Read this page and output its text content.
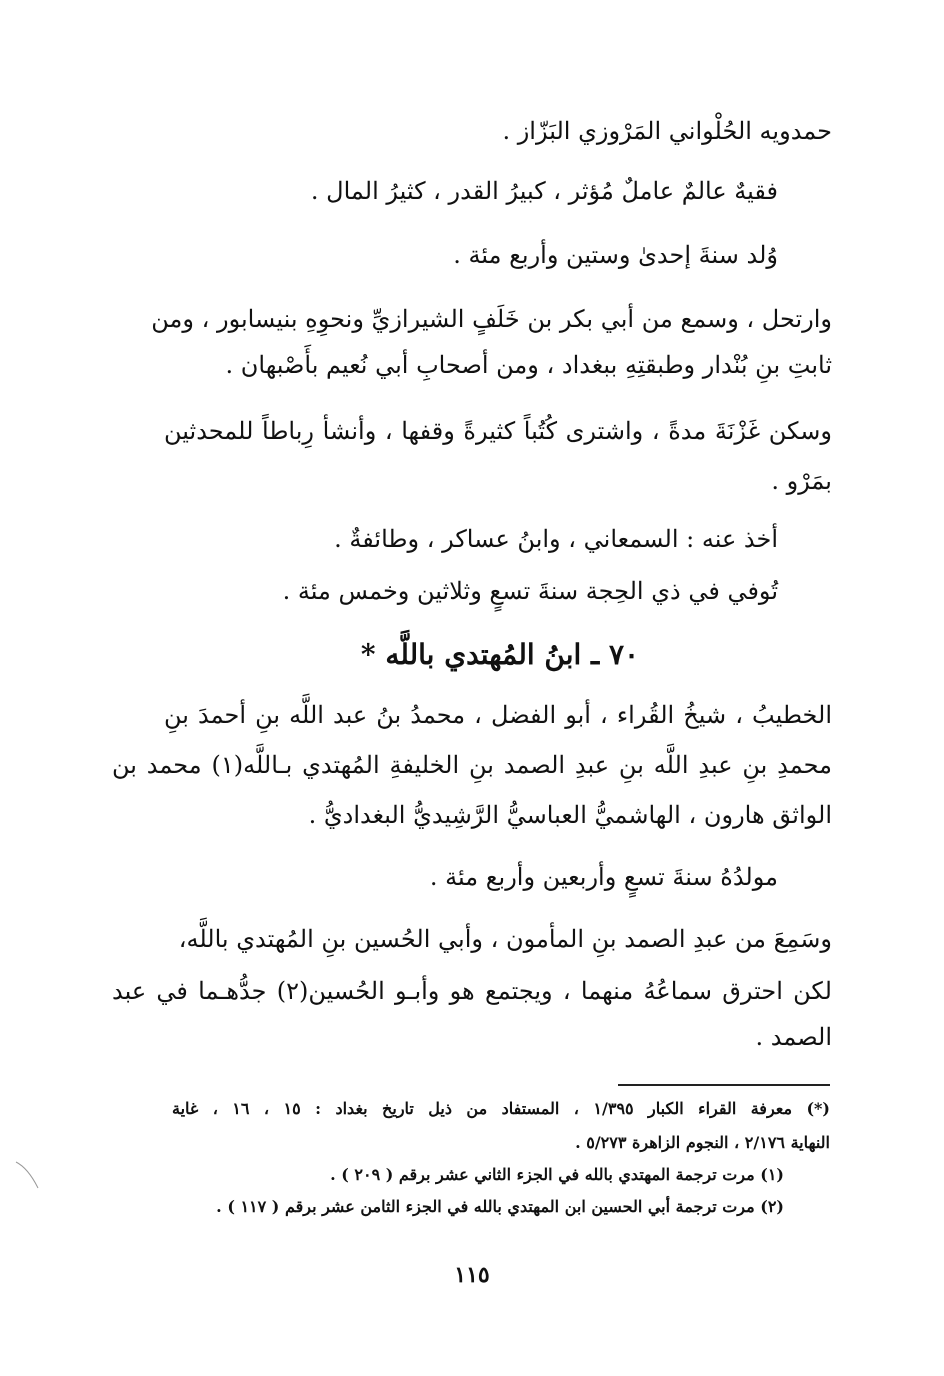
حمدويه الحُلْواني المَرْوزي البَزّاز .
فقيهٌ عالمٌ عاملٌ مُؤثر ، كبيرُ القدر ، كثيرُ المال .
وُلد سنةَ إحدىٰ وستين وأربع مئة .
وارتحل ، وسمع من أبي بكر بن خَلَفٍ الشيرازيِّ ونحوِهِ بنيسابور ، ومن
ثابتِ بنِ بُنْدار وطبقتِهِ ببغداد ، ومن أصحابِ أبي نُعيم بأَصْبهان .
وسكن غَزْنَةَ مدةً ، واشترى كُتُباً كثيرةً وقفها ، وأنشأ رِباطاً للمحدثين
بمَرْو .
أخذ عنه : السمعاني ، وابنُ عساكر ، وطائفةٌ .
تُوفي في ذي الحِجة سنةَ تسعٍ وثلاثين وخمس مئة .
٧٠ ـ ابنُ المُهتدي باللَّه *
الخطيبُ ، شيخُ القُراء ، أبو الفضل ، محمدُ بنُ عبد اللَّه بنِ أحمدَ بنِ
محمدِ بنِ عبدِ اللَّه بنِ عبدِ الصمد بنِ الخليفةِ المُهتدي بـاللَّه(١) محمد بن
الواثق هارون ، الهاشميُّ العباسيُّ الرَّشِيديُّ البغداديُّ .
مولدُهُ سنةَ تسعٍ وأربعين وأربع مئة .
وسَمِعَ من عبدِ الصمد بنِ المأمون ، وأبي الحُسين بنِ المُهتدي باللَّه،
لكن احترق سماعُهُ منهما ، ويجتمع هو وأبـو الحُسين(٢) جدُّهـما في عبد
الصمد .
(*) معرفة القراء الكبار ١/٣٩٥ ، المستفاد من ذيل تاريخ بغداد : ١٥ ، ١٦ ، غاية
النهاية ٢/١٧٦ ، النجوم الزاهرة ٥/٢٧٣ .
(١) مرت ترجمة المهتدي بالله في الجزء الثاني عشر برقم ( ٢٠٩ ) .
(٢) مرت ترجمة أبي الحسين ابن المهتدي بالله في الجزء الثامن عشر برقم ( ١١٧ ) .
١١٥
